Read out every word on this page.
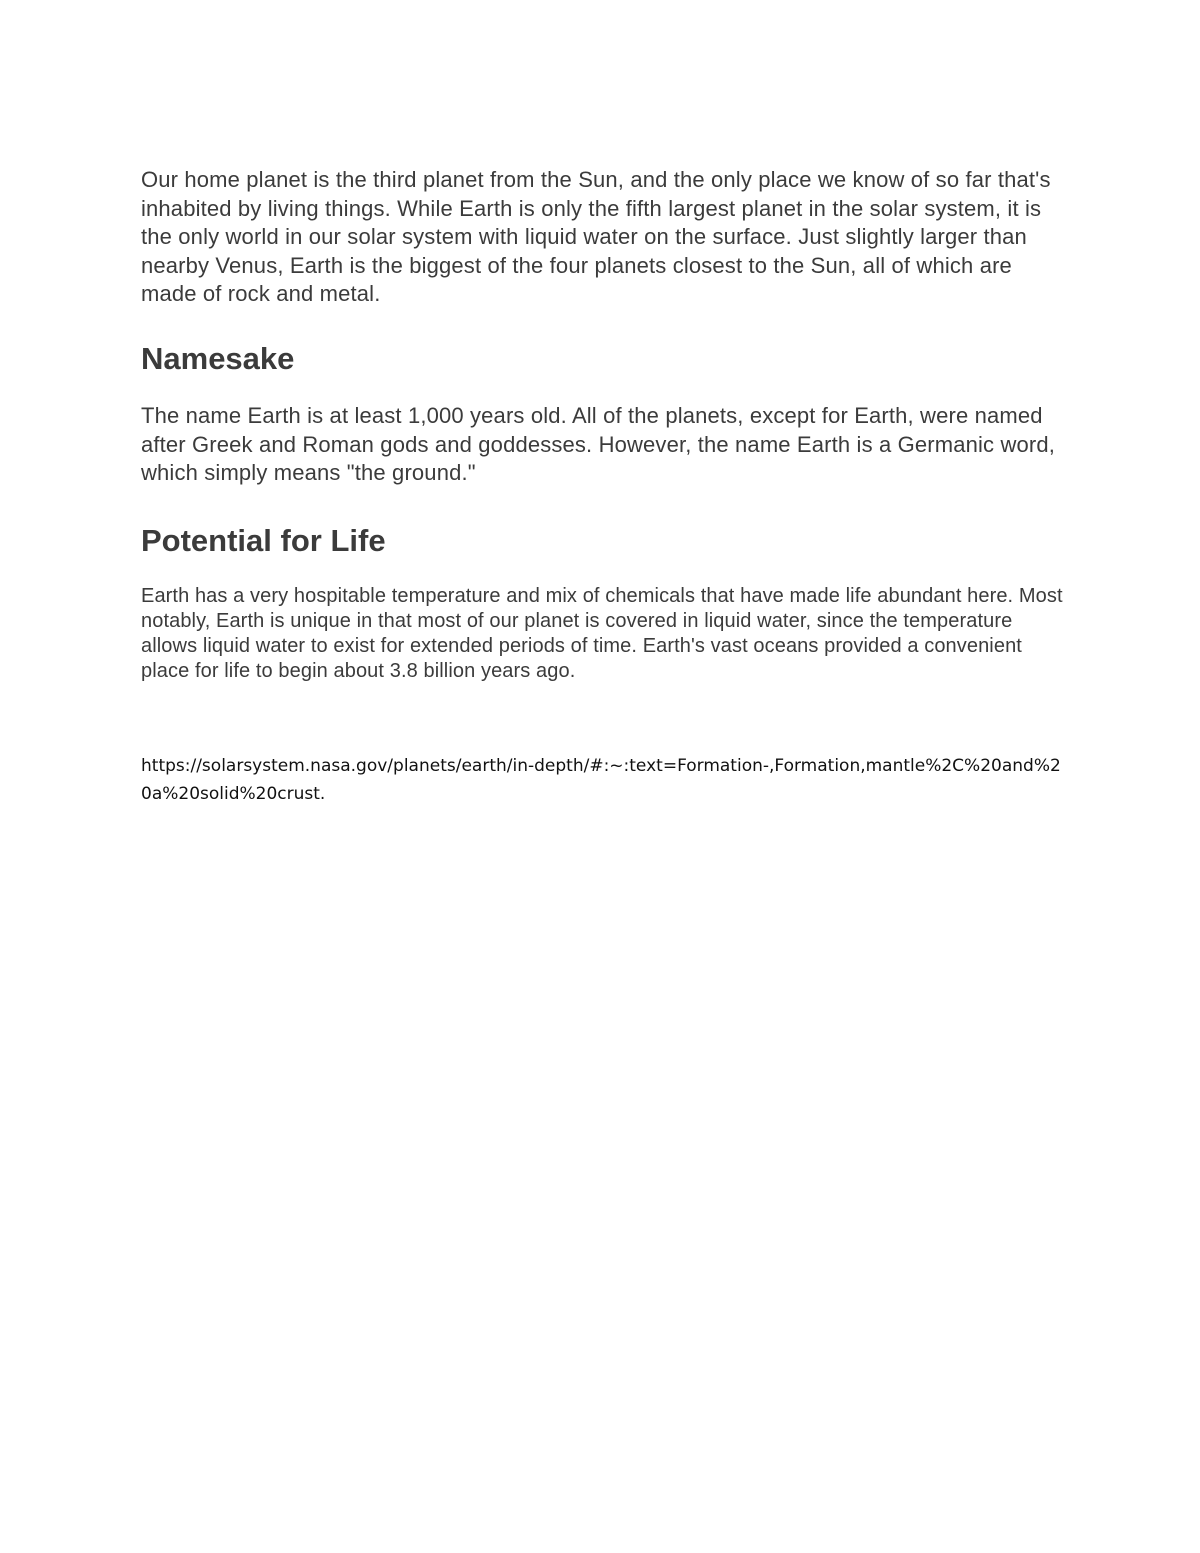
Our home planet is the third planet from the Sun, and the only place we know of so far that's inhabited by living things. While Earth is only the fifth largest planet in the solar system, it is the only world in our solar system with liquid water on the surface. Just slightly larger than nearby Venus, Earth is the biggest of the four planets closest to the Sun, all of which are made of rock and metal.

Namesake

The name Earth is at least 1,000 years old. All of the planets, except for Earth, were named after Greek and Roman gods and goddesses. However, the name Earth is a Germanic word, which simply means "the ground."

Potential for Life

Earth has a very hospitable temperature and mix of chemicals that have made life abundant here. Most notably, Earth is unique in that most of our planet is covered in liquid water, since the temperature allows liquid water to exist for extended periods of time. Earth's vast oceans provided a convenient place for life to begin about 3.8 billion years ago.

https://solarsystem.nasa.gov/planets/earth/in-depth/#:~:text=Formation-,Formation,mantle%2C%20and%20a%20solid%20crust.
